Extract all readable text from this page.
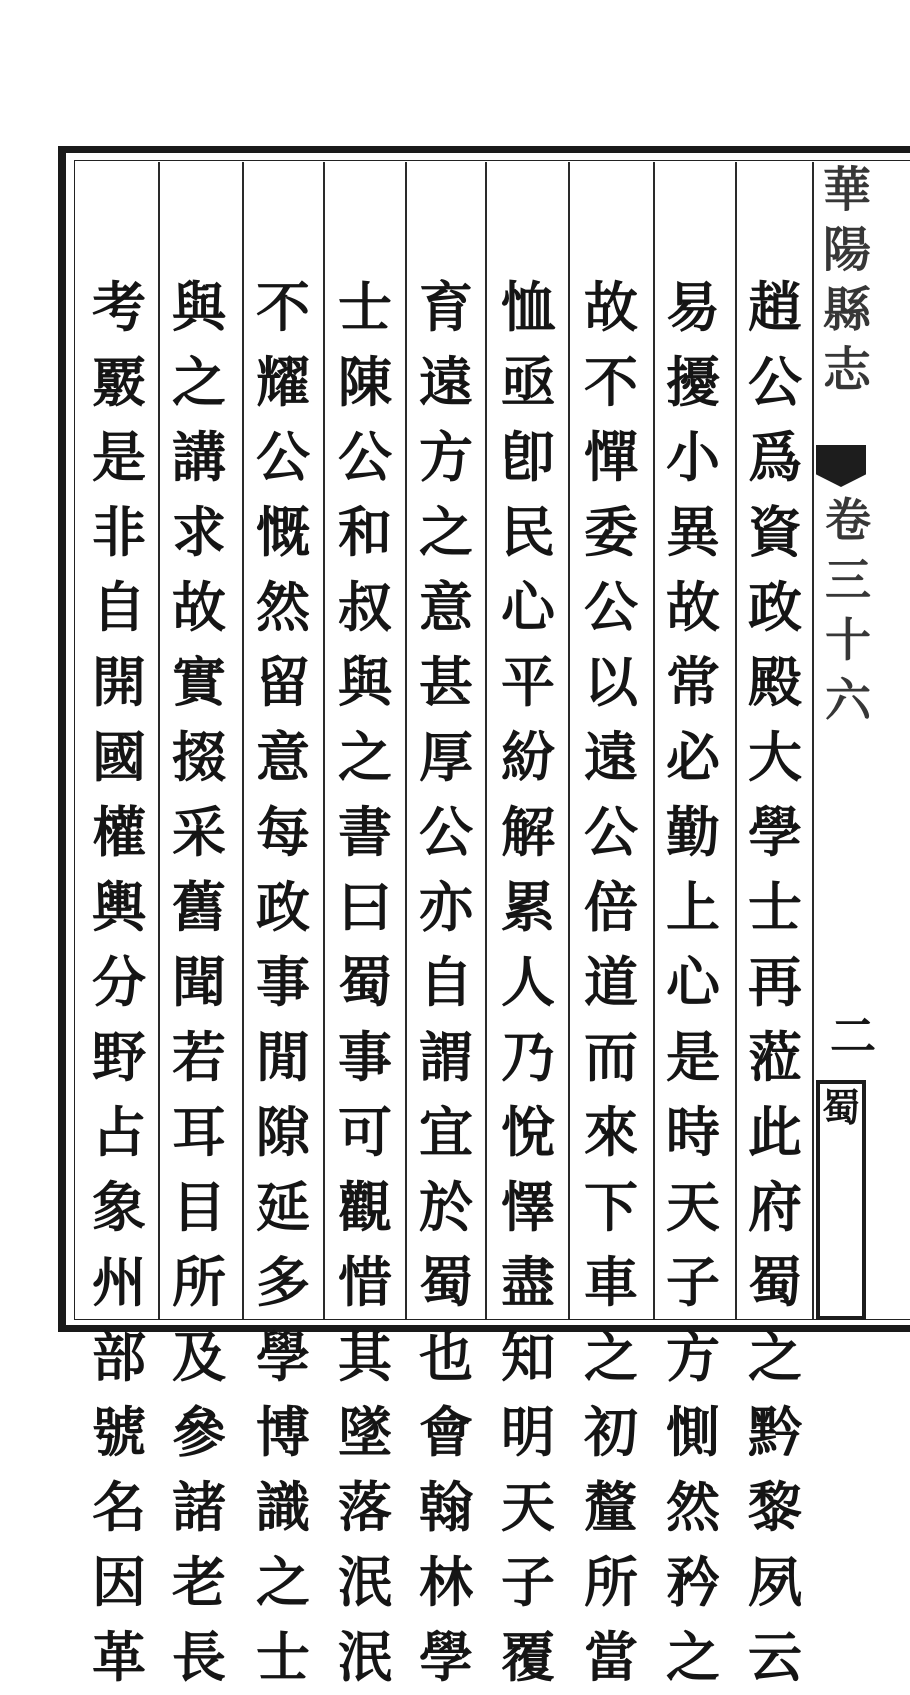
趙
公
爲
資
政
殿
大
學
士
再
蒞
此
府
蜀
之
黔
黎
夙
云
易
擾
小
異
故
常
必
勤
上
心
是
時
天
子
方
惻
然
矜
之
故
不
憚
委
公
以
遠
公
倍
道
而
來
下
車
之
初
釐
所
當
恤
亟
卽
民
心
平
紛
解
累
人
乃
悅
懌
盡
知
明
天
子
覆
育
遠
方
之
意
甚
厚
公
亦
自
謂
宜
於
蜀
也
會
翰
林
學
士
陳
公
和
叔
與
之
書
曰
蜀
事
可
觀
惜
其
墜
落
泯
泯
不
耀
公
慨
然
留
意
每
政
事
閒
隙
延
多
學
博
識
之
士
與
之
講
求
故
實
掇
采
舊
聞
若
耳
目
所
及
參
諸
老
長
考
覈
是
非
自
開
國
權
輿
分
野
占
象
州
部
號
名
因
革
華
陽
縣
志
卷
三
十
六
二
蜀
